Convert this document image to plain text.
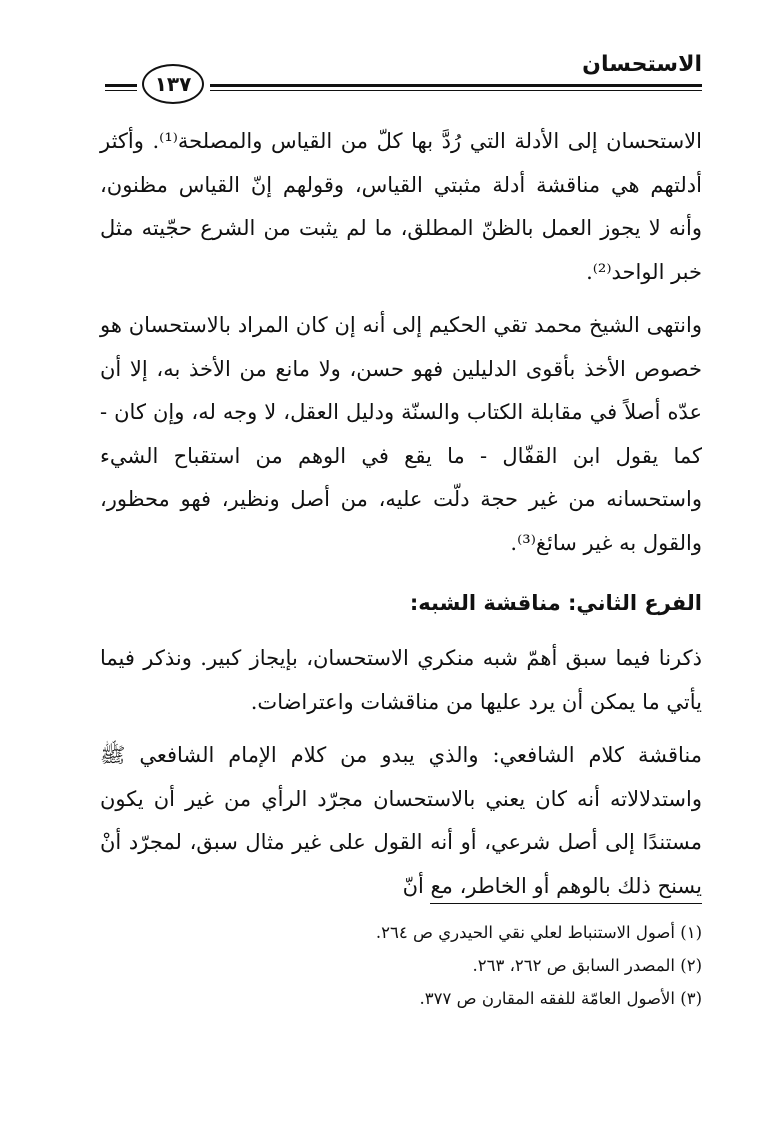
الاستحسان
١٣٧

الاستحسان إلى الأدلة التي رُدَّ بها كلّ من القياس والمصلحة⁽¹⁾. وأكثر أدلتهم هي مناقشة أدلة مثبتي القياس، وقولهم إنّ القياس مظنون، وأنه لا يجوز العمل بالظنّ المطلق، ما لم يثبت من الشرع حجّيته مثل خبر الواحد⁽²⁾.

وانتهى الشيخ محمد تقي الحكيم إلى أنه إن كان المراد بالاستحسان هو خصوص الأخذ بأقوى الدليلين فهو حسن، ولا مانع من الأخذ به، إلا أن عدّه أصلاً في مقابلة الكتاب والسنّة ودليل العقل، لا وجه له، وإن كان - كما يقول ابن القفّال - ما يقع في الوهم من استقباح الشيء واستحسانه من غير حجة دلّت عليه، من أصل ونظير، فهو محظور، والقول به غير سائغ⁽³⁾.

الفرع الثاني: مناقشة الشبه:

ذكرنا فيما سبق أهمّ شبه منكري الاستحسان، بإيجاز كبير. ونذكر فيما يأتي ما يمكن أن يرد عليها من مناقشات واعتراضات.

مناقشة كلام الشافعي: والذي يبدو من كلام الإمام الشافعي ﷺ واستدلالاته أنه كان يعني بالاستحسان مجرّد الرأي من غير أن يكون مستندًا إلى أصل شرعي، أو أنه القول على غير مثال سبق، لمجرّد أنْ يسنح ذلك بالوهم أو الخاطر، مع أنّ

(١) أصول الاستنباط لعلي نقي الحيدري ص ٢٦٤.
(٢) المصدر السابق ص ٢٦٢، ٢٦٣.
(٣) الأصول العامّة للفقه المقارن ص ٣٧٧.
